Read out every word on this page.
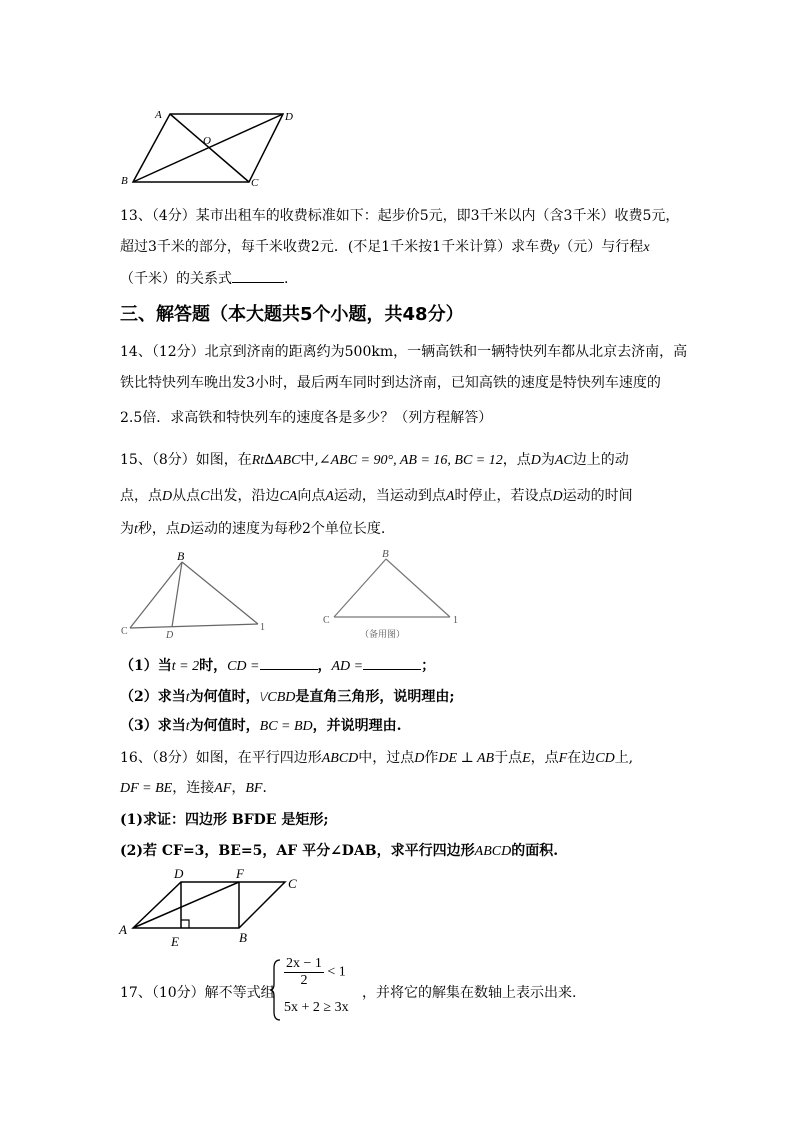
A	D
O
B	C
13、（4分）某市出租车的收费标准如下：起步价5元，即3千米以内（含3千米）收费5元，
超过3千米的部分，每千米收费2元．(不足1千米按1千米计算）求车费y（元）与行程x
（千米）的关系式	.
三、解答题（本大题共5个小题，共48分）
14、（12分）北京到济南的距离约为500km，一辆高铁和一辆特快列车都从北京去济南，高
铁比特快列车晚出发3小时，最后两车同时到达济南，已知高铁的速度是特快列车速度的
2.5倍．求高铁和特快列车的速度各是多少？（列方程解答）
15、（8分）如图，在Rt∆ABC中,∠ABC = 90°, AB = 16, BC = 12，点D为AC边上的动
点，点D从点C出发，沿边CA向点A运动，当运动到点A时停止，若设点D运动的时间
为t秒，点D运动的速度为每秒2个单位长度.
B
C	D
1
B
C	1
（备用图）
（1）当t = 2时，CD =	，AD =	；
（2）求当t为何值时，\/CBD是直角三角形，说明理由;
（3）求当t为何值时，BC = BD，并说明理由.
16、（8分）如图，在平行四边形ABCD中，过点D作DE ⊥ AB于点E，点F在边CD上,
DF = BE，连接AF，BF．
(1)求证：四边形 BFDE 是矩形;
(2)若 CF=3，BE=5，AF 平分∠DAB，求平行四边形ABCD的面积.
D	F
C
A
E	B
17、（10分）解不等式组
$\frac{2x - 1}{2} < 1$
5x + 2 ≥ 3x
，并将它的解集在数轴上表示出来.
